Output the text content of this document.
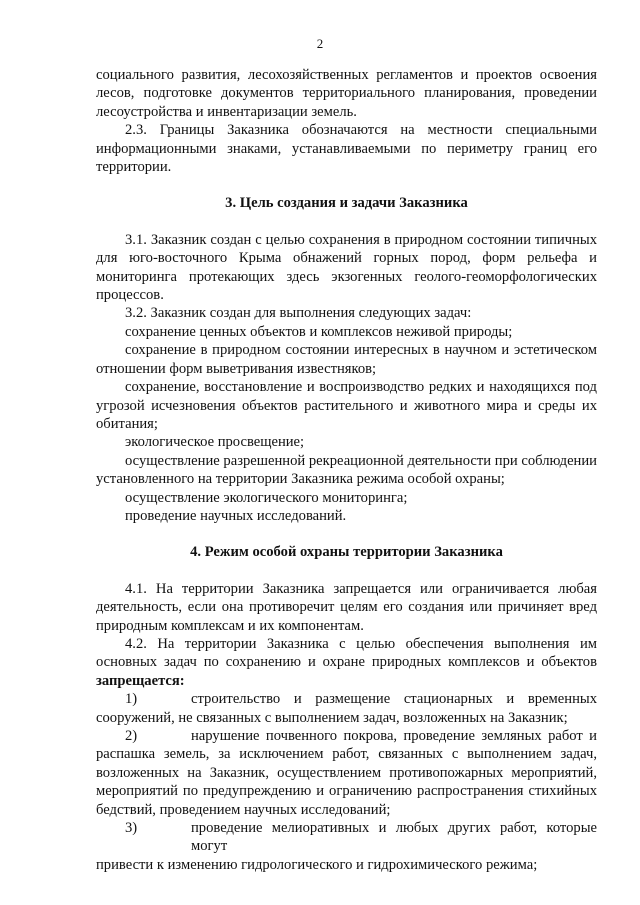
2

социального развития, лесохозяйственных регламентов и проектов освоения лесов, подготовке документов территориального планирования, проведении лесоустройства и инвентаризации земель.

2.3. Границы Заказника обозначаются на местности специальными информационными знаками, устанавливаемыми по периметру границ его территории.

3. Цель создания и задачи Заказника

3.1. Заказник создан с целью сохранения в природном состоянии типичных для юго-восточного Крыма обнажений горных пород, форм рельефа и мониторинга протекающих здесь экзогенных геолого-геоморфологических процессов.

3.2. Заказник создан для выполнения следующих задач:

сохранение ценных объектов и комплексов неживой природы;

сохранение в природном состоянии интересных в научном и эстетическом отношении форм выветривания известняков;

сохранение, восстановление и воспроизводство редких и находящихся под угрозой исчезновения объектов растительного и животного мира и среды их обитания;

экологическое просвещение;

осуществление разрешенной рекреационной деятельности при соблюдении установленного на территории Заказника режима особой охраны;

осуществление экологического мониторинга;

проведение научных исследований.

4. Режим особой охраны территории Заказника

4.1. На территории Заказника запрещается или ограничивается любая деятельность, если она противоречит целям его создания или причиняет вред природным комплексам и их компонентам.

4.2. На территории Заказника с целью обеспечения выполнения им основных задач по сохранению и охране природных комплексов и объектов запрещается:

1)	строительство и размещение стационарных и временных

сооружений, не связанных с выполнением задач, возложенных на Заказник;

2)	нарушение почвенного покрова, проведение земляных работ и

распашка земель, за исключением работ, связанных с выполнением задач, возложенных на Заказник, осуществлением противопожарных мероприятий, мероприятий по предупреждению и ограничению распространения стихийных бедствий, проведением научных исследований;

3)	проведение мелиоративных и любых других работ, которые могут

привести к изменению гидрологического и гидрохимического режима;
